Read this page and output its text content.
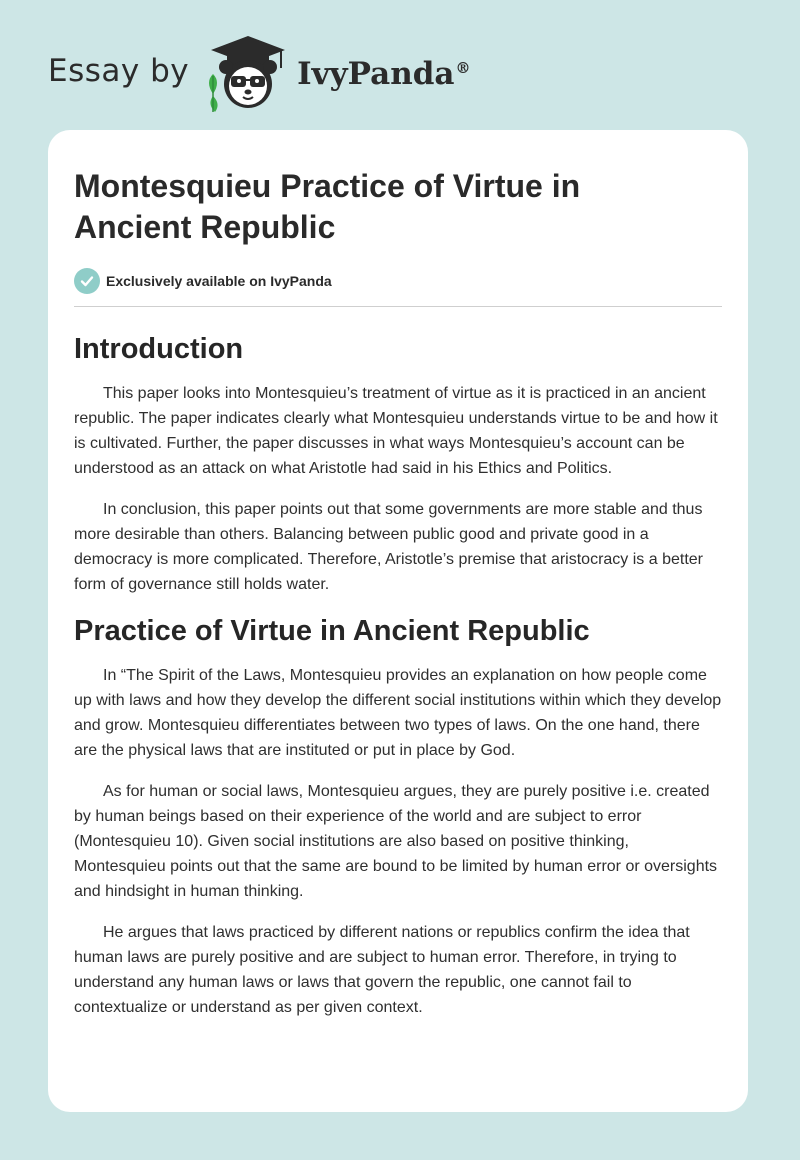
Essay by	IvyPanda®
Montesquieu Practice of Virtue in Ancient Republic
Exclusively available on IvyPanda
Introduction

This paper looks into Montesquieu’s treatment of virtue as it is practiced in an ancient republic. The paper indicates clearly what Montesquieu understands virtue to be and how it is cultivated. Further, the paper discusses in what ways Montesquieu’s account can be understood as an attack on what Aristotle had said in his Ethics and Politics.

In conclusion, this paper points out that some governments are more stable and thus more desirable than others. Balancing between public good and private good in a democracy is more complicated. Therefore, Aristotle’s premise that aristocracy is a better form of governance still holds water.

Practice of Virtue in Ancient Republic

In “The Spirit of the Laws, Montesquieu provides an explanation on how people come up with laws and how they develop the different social institutions within which they develop and grow. Montesquieu differentiates between two types of laws. On the one hand, there are the physical laws that are instituted or put in place by God.

As for human or social laws, Montesquieu argues, they are purely positive i.e. created by human beings based on their experience of the world and are subject to error (Montesquieu 10). Given social institutions are also based on positive thinking, Montesquieu points out that the same are bound to be limited by human error or oversights and hindsight in human thinking.

He argues that laws practiced by different nations or republics confirm the idea that human laws are purely positive and are subject to human error. Therefore, in trying to understand any human laws or laws that govern the republic, one cannot fail to contextualize or understand as per given context.
